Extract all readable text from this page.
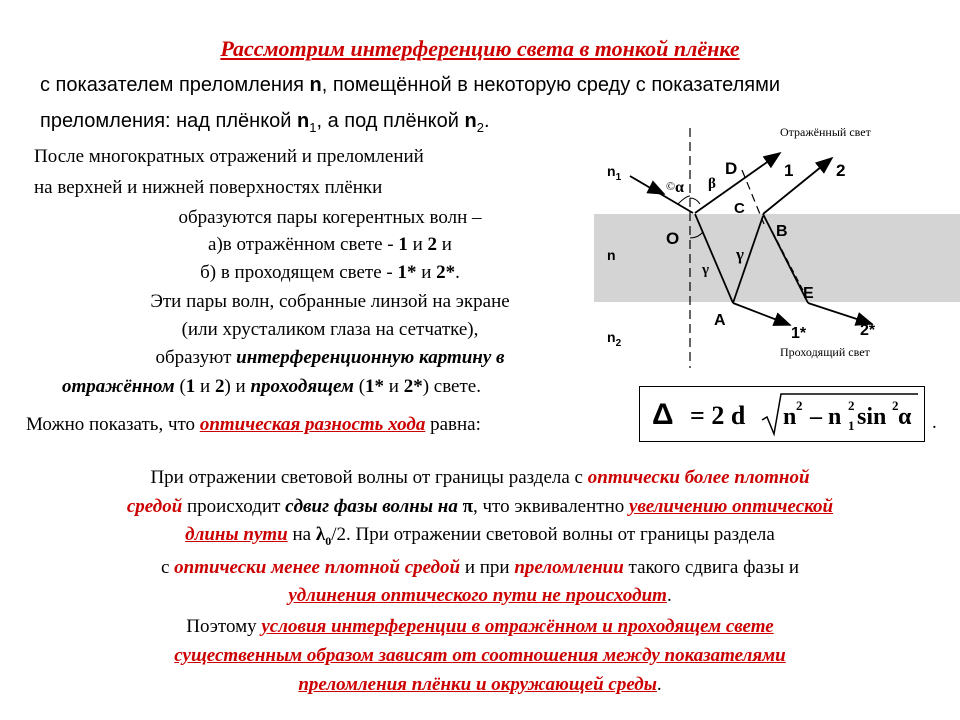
Рассмотрим интерференцию света в тонкой плёнке
с показателем преломления n, помещённой в некоторую среду с показателями
преломления: над плёнкой $n_1$, а под плёнкой $n_2$.
После многократных отражений и преломлений
на верхней и нижней поверхностях плёнки
образуются пары когерентных волн –
а)в отражённом свете - 1 и 2 и
б) в проходящем свете - 1* и 2*.
Эти пары волн, собранные линзой на экране
(или хрусталиком глаза на сетчатке),
образуют интерференционную картину в
отражённом (1 и 2) и проходящем (1* и 2*) свете.
Можно показать, что оптическая разность хода равна:	.
Δ = 2 d n 2 – n 1
2 sin 2 α
Отражённый свет
Проходящий свет
$n_1$
n
$n_2$
D
C
O	B
E
A
1	2
1*	2*
© α β
γ
γ
При отражении световой волны от границы раздела с оптически более плотной
средой происходит сдвиг фазы волны на π, что эквивалентно увеличению оптической
длины пути на $\lambda_0/2$. При отражении световой волны от границы раздела
с оптически менее плотной средой и при преломлении такого сдвига фазы и
удлинения оптического пути не происходит.
Поэтому условия интерференции в отражённом и проходящем свете
существенным образом зависят от соотношения между показателями
преломления плёнки и окружающей среды.
